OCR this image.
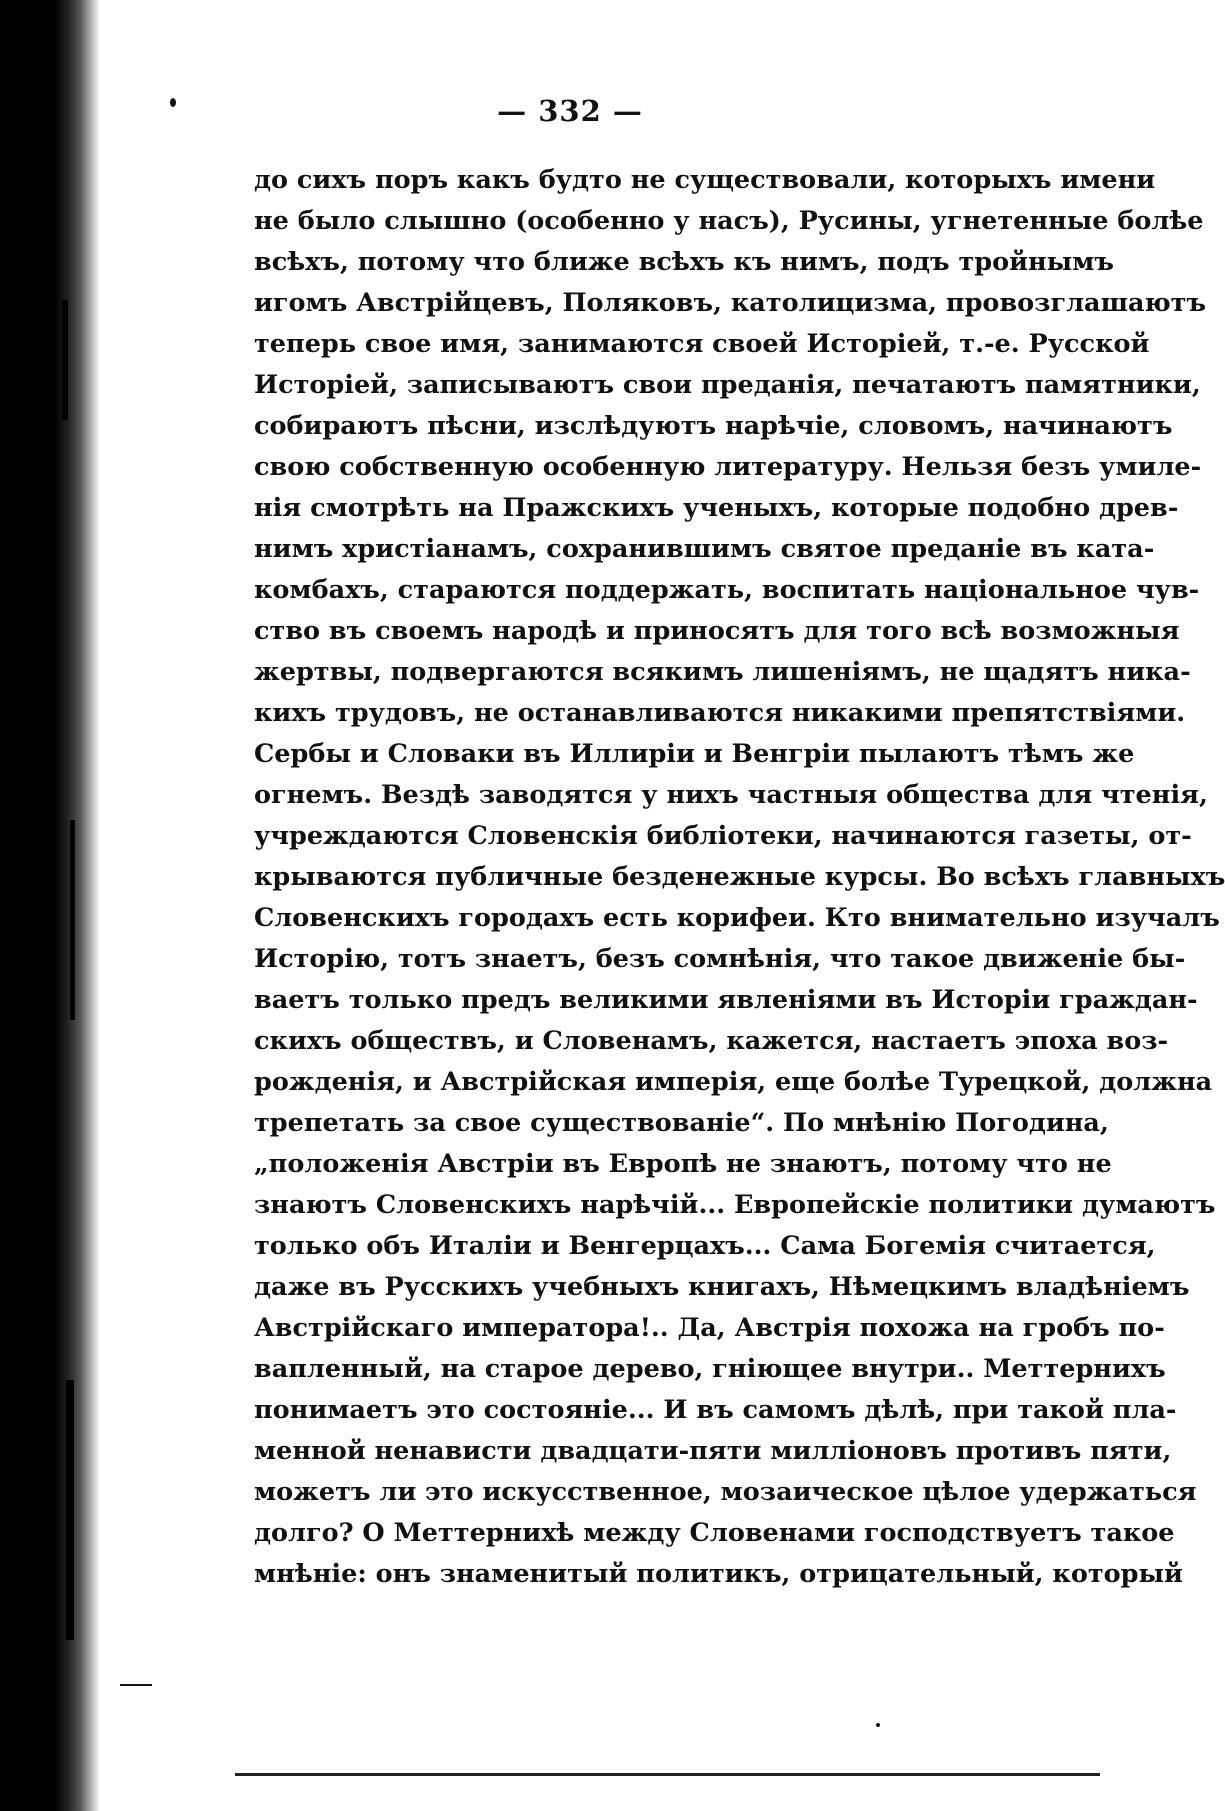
— 332 —
до сихъ поръ какъ будто не существовали, которыхъ имени
не было слышно (особенно у насъ), Русины, угнетенные болѣе
всѣхъ, потому что ближе всѣхъ къ нимъ, подъ тройнымъ
игомъ Австрійцевъ, Поляковъ, католицизма, провозглашаютъ
теперь свое имя, занимаются своей Исторіей, т.-е. Русской
Исторіей, записываютъ свои преданія, печатаютъ памятники,
собираютъ пѣсни, изслѣдуютъ нарѣчіе, словомъ, начинаютъ
свою собственную особенную литературу. Нельзя безъ умиле-
нія смотрѣть на Пражскихъ ученыхъ, которые подобно древ-
нимъ христіанамъ, сохранившимъ святое преданіе въ ката-
комбахъ, стараются поддержать, воспитать національное чув-
ство въ своемъ народѣ и приносятъ для того всѣ возможныя
жертвы, подвергаются всякимъ лишеніямъ, не щадятъ никa-
кихъ трудовъ, не останавливаются никакими препятствіями.
Сербы и Словаки въ Иллиріи и Венгріи пылаютъ тѣмъ же
огнемъ. Вездѣ заводятся у нихъ частныя общества для чтенія,
учреждаются Словенскія библіотеки, начинаются газеты, от-
крываются публичные безденежные курсы. Во всѣхъ главныхъ
Словенскихъ городахъ есть корифеи. Кто внимательно изучалъ
Исторію, тотъ знаетъ, безъ сомнѣнія, что такое движеніе бы-
ваетъ только предъ великими явленіями въ Исторіи граждан-
скихъ обществъ, и Словенамъ, кажется, настаетъ эпоха воз-
рожденія, и Австрійская имперія, еще болѣе Турецкой, должна
трепетать за свое существованіе“. По мнѣнію Погодина,
„положенія Австріи въ Европѣ не знаютъ, потому что не
знаютъ Словенскихъ нарѣчій... Европейскіе политики думаютъ
только объ Италіи и Венгерцахъ... Сама Богемія считается,
даже въ Русскихъ учебныхъ книгахъ, Нѣмецкимъ владѣніемъ
Австрійскаго императора!.. Да, Австрія похожа на гробъ по-
вапленный, на старое дерево, гніющее внутри.. Меттернихъ
понимаетъ это состояніе... И въ самомъ дѣлѣ, при такой пла-
менной ненависти двадцати-пяти милліоновъ противъ пяти,
можетъ ли это искусственное, мозаическое цѣлое удержаться
долго? О Меттернихѣ между Словенами господствуетъ такое
мнѣніе: онъ знаменитый политикъ, отрицательный, который
